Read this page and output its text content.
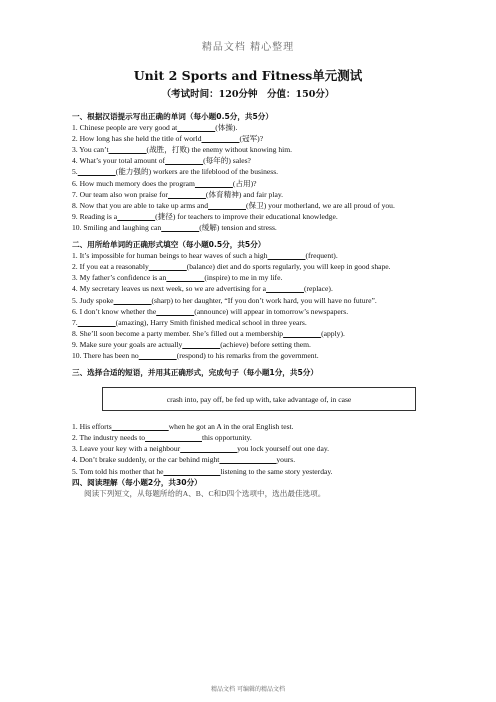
精品文档 精心整理
Unit 2 Sports and Fitness单元测试
（考试时间：120分钟　分值：150分）
一、根据汉语提示写出正确的单词（每小题0.5分，共5分）
1. Chinese people are very good at	(体操).
2. How long has she held the title of world	(冠军)?
3. You can’t	(战胜，打败) the enemy without knowing him.
4. What’s your total amount of	(每年的) sales?
5.	(能力强的) workers are the lifeblood of the business.
6. How much memory does the program	(占用)?
7. Our team also won praise for	(体育精神) and fair play.
8. Now that you are able to take up arms and	(保卫) your motherland, we are all proud of you.
9. Reading is a	(捷径) for teachers to improve their educational knowledge.
10. Smiling and laughing can	(缓解) tension and stress.
二、用所给单词的正确形式填空（每小题0.5分，共5分）
1. It’s impossible for human beings to hear waves of such a high	(frequent).
2. If you eat a reasonably	(balance) diet and do sports regularly, you will keep in good shape.
3. My father’s confidence is an	(inspire) to me in my life.
4. My secretary leaves us next week, so we are advertising for a	(replace).
5. Judy spoke	(sharp) to her daughter, “If you don’t work hard, you will have no future”.
6. I don’t know whether the	(announce) will appear in tomorrow’s newspapers.
7.	(amazing), Harry Smith finished medical school in three years.
8. She’ll soon become a party member. She’s filled out a membership	(apply).
9. Make sure your goals are actually	(achieve) before setting them.
10. There has been no	(respond) to his remarks from the government.
三、选择合适的短语，并用其正确形式，完成句子（每小题1分，共5分）
crash into, pay off, be fed up with, take advantage of, in case
1. His efforts	when he got an A in the oral English test.
2. The industry needs to	this opportunity.
3. Leave your key with a neighbour	you lock yourself out one day.
4. Don’t brake suddenly, or the car behind might	yours.
5. Tom told his mother that he	listening to the same story yesterday.
四、阅读理解（每小题2分，共30分）
阅读下列短文，从每题所给的A、B、C和D四个选项中，选出最佳选项。
精品文档 可编辑的精品文档
